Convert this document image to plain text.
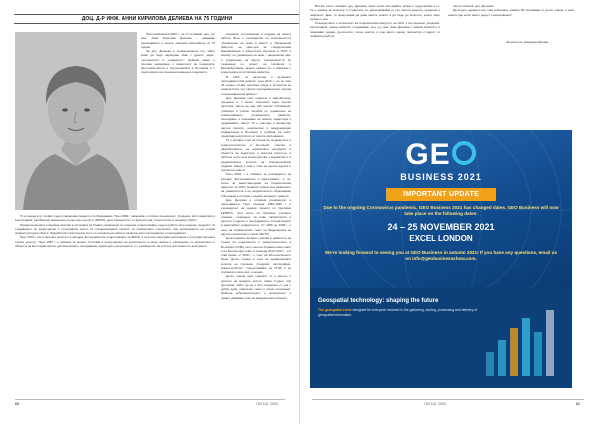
ДОЦ. Д-Р ИНЖ. АННИ КИРИЛОВА ДЕЛИЕВА НА 75 ГОДИНИ

През изминалата 2020 г., на 17 октомври, доц. д-р инж. Анни Кирилова Делиева – уважаван преподавател и колега, навърши юбилейните си 75 години.

За доц. Делиева е професионален път, който може да бъде нарисуван само с думите „вяра“, „постоянство“ и „отдаденост“. Нейният живот е свързан неразривно с развитието на геодезията, фотограметрията и картографията в България и с подготовката на поколения инженери геодезисти.

Тя е родена в гр. София, където завършва средното си образование. През 1969 г. завършва с отличие специалност „Геодезия, фотограметрия и картография“ във Висшия инженерно-строителен институт (ВИСИ), днес Университет по архитектура, строителство и геодезия (УАСГ).

Професионалната ѝ кариера започва в системата на Главно управление по геодезия и картография, където работи като инженер геодезист по създаването на кадастрални и топографски карти, по специализирани проекти за поземлените отношения, при реализацията на големи инфраструктурни обекти. Придобитият практически опит е в основата на нейното развитие като изследовател и преподавател.

През 1976 г. постъпва като асистент в катедра „Фотограметрия и картография“ на ВИСИ, а по-късно защитава дисертация и получава научната степен „доктор“. През 1987 г. е избрана за доцент. Оттогава в продължение на десетилетия тя води лекции и упражнения по дисциплини от областта на фотограметрията, дистанционните изследвания, кадастъра и регулацията, и е ръководител на стотици дипломанти и докторанти.

60	ГКЗ 5-6 ' 2020

неуморно ентусиазиран и отдаден на своята работа. Вече е ръководител на специалността „Управление на земи и имоти“ и Обединения факултет на Центъра за следдипломна квалификация и факултетно обучение в УАСГ и експерт по управление на земи – национален ранг и управление на имоти. Специалността бе създадена по проект на Норвегия и Великобритания, защото нейния път е обвързан с концепцията за устойчиво развитие.

В УАСГ се разгръща и активната преподавателска дейност през 2010 г., но за тези 40 години остава сериозна следа в историята на университета със своята преподавателска, научна и организационна дейност.

Доц. Делиева през годините е задълбочена, прецизна и с много творческа идея научен работник. Автор на над 100 научни публикации, учебници и учебни пособия по управление на земеползването, регионалното развитие, изследване и оценяване на земята, кадастъра и недвижимите имоти. Тя е участник в множество научни проекти, национални и международни конференции в България и чужбина, на които представя резултатите от своите изследвания.

Тя е активен член на Съюза на геодезистите и земеустроителите в България, участва в разработването на нормативни документи в областта на кадастъра и имотния регистър, в работни групи към министерства и ведомства и в редакционните колегии на специализирани издания. Наред с това е член на научни журита и експертни съвети.

През 2002 г. е избрана за ръководител на катедра „Фотограметрия и картография“, а по-късно за заместник-декан на Геодезическия факултет на УАСГ. Нейният принос към развитието на университета и на геодезическото образование в България е отличен с редица награди и грамоти.

Доц. Делиева е отзивчив ръководител и преподавател. През периода 1995–1999 г. е ръководител на редица проекти по програма ТЕМПУС, чрез които са обновени учебните планове, създадени са нови лаборатории и десетки студенти и преподаватели специализират в европейски университети. От 1999 до 2009 г. е член на Управителния съвет на Федерацията на научно-техническите съюзи (ФНТС).

Дългогодишни активно участва в дейността на Съюза на геодезистите и земеустроителите в България (СГЗБ), като член на Управителния съвет и на Контролния съвет в периода 2010–2014 г., а в това време от 2002 г. е член на Изпълнителното бюро. Дълги години е член на редакционната колегия на списание „Геодезия, картография, земеустройство“, предоставяйки на СГЗБ и на списанието своя опит и знания.

Дълги години през годините тя е ментор и приятел на младите колеги. Няма студент или докторант, който да не е бил подкрепен от нея с добра дума, практичен съвет и лично отношение. Нейната доброжелателност и принципност я правят уважаван член на академичната общност.

Всички, които познават доц. Делиева, знаят колко всеотдайна, добра и трудолюбива е тя. Тя е пример за колегите и студентите си, вдъхновявайки ги със своята енергия, ерудиция и човечност. Днес тя продължава да дава своите съвети и да бъде до колегите, когато имат нужда от нея.

Ръководството и колективът на Геодезическия факултет на УАСГ и на списание „Геодезия, картография, земеустройство“ поздравяват доц. д-р инж. Анни Делиева с нейния юбилей и ѝ пожелават здраве, дълголетие, лично щастие и още много години творчество и радост от любимата работа!

Честит юбилей, доц. Делиева!

Да бъдете здрава и все така усмихната, каквато Ви познаваме от дълги години, и нека новите дни носят много радост и вдъхновение!

За колегите: Надежда Ярлова
ГКЗ 5-6 ' 2020	61
GE
BUSINESS 2021
IMPORTANT UPDATE
Due to the ongoing Coronavirus pandemic, GEO Business 2021 has changed dates. GEO Business will now take place on the following dates:
24 – 25 NOVEMBER 2021
EXCEL LONDON
We're looking forward to seeing you at GEO Business in autumn 2021! If you have any questions, email us on info@geobusinessshow.com.
Geospatial technology: shaping the future
The geospatial event designed for everyone involved in the gathering, storing, processing and delivery of geospatial information.
